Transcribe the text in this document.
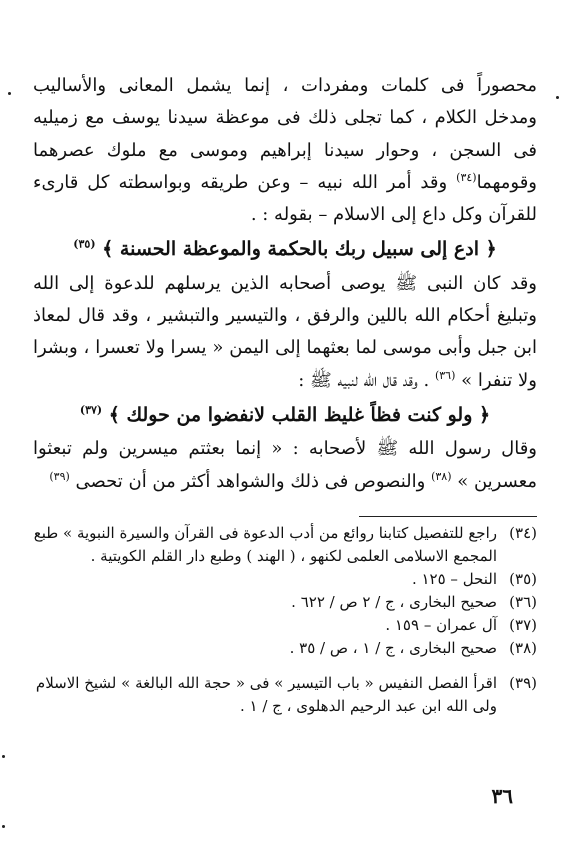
محصوراً فى كلمات ومفردات ، إنما يشمل المعانى والأساليب ومدخل الكلام ، كما تجلى ذلك فى موعظة سيدنا يوسف مع زميليه فى السجن ، وحوار سيدنا إبراهيم وموسى مع ملوك عصرهما وقومهما$^{(٣٤)}$ وقد أمر الله نبيه – وعن طريقه وبواسطته كل قارىء للقرآن وكل داع إلى الاسلام – بقوله : .

﴿ ادع إلى سبيل ربك بالحكمة والموعظة الحسنة ﴾ $^{(٣٥)}$

وقد كان النبى ﷺ يوصى أصحابه الذين يرسلهم للدعوة إلى الله وتبليغ أحكام الله باللين والرفق ، والتيسير والتبشير ، وقد قال لمعاذ ابن جبل وأبى موسى لما بعثهما إلى اليمن « يسرا ولا تعسرا ، وبشرا ولا تنفرا » $^{(٣٦)}$ . وقد قال الله لنبيه ﷺ :

﴿ ولو كنت فظاً غليظ القلب لانفضوا من حولك ﴾ $^{(٣٧)}$

وقال رسول الله ﷺ لأصحابه : « إنما بعثتم ميسرين ولم تبعثوا معسرين » $^{(٣٨)}$ والنصوص فى ذلك والشواهد أكثر من أن تحصى $^{(٣٩)}$

(٣٤)
راجع للتفصيل كتابنا روائع من أدب الدعوة فى القرآن والسيرة النبوية » طبع المجمع الاسلامى العلمى لكنهو ، ( الهند ) وطبع دار القلم الكويتية .
(٣٥)
النحل – ١٢٥ .
(٣٦)
صحيح البخارى ، ج / ٢ ص / ٦٢٢ .
(٣٧)
آل عمران – ١٥٩ .
(٣٨)
صحيح البخارى ، ج / ١ ، ص / ٣٥ .
(٣٩)
اقرأ الفصل النفيس « باب التيسير » فى « حجة الله البالغة » لشيخ الاسلام ولى الله ابن عبد الرحيم الدهلوى ، ج / ١ .
٣٦
